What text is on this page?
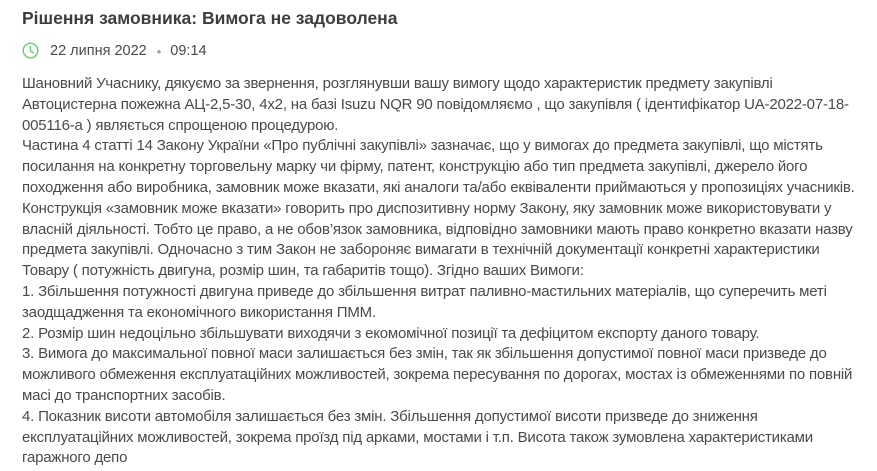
Рішення замовника: Вимога не задоволена
22 липня 2022 • 09:14

Шановний Учаснику, дякуємо за звернення, розглянувши вашу вимогу щодо характеристик предмету закупівлі Автоцистерна пожежна АЦ-2,5-30, 4х2, на базі Isuzu NQR 90 повідомляємо , що закупівля ( ідентифікатор UA-2022-07-18-005116-a ) являється спрощеною процедурою.

Частина 4 статті 14 Закону України «Про публічні закупівлі» зазначає, що у вимогах до предмета закупівлі, що містять посилання на конкретну торговельну марку чи фірму, патент, конструкцію або тип предмета закупівлі, джерело його походження або виробника, замовник може вказати, які аналоги та/або еквіваленти приймаються у пропозиціях учасників. Конструкція «замовник може вказати» говорить про диспозитивну норму Закону, яку замовник може використовувати у власній діяльності. Тобто це право, а не обов’язок замовника, відповідно замовники мають право конкретно вказати назву предмета закупівлі. Одночасно з тим Закон не забороняє вимагати в технічній документації конкретні характеристики Товару ( потужність двигуна, розмір шин, та габаритів тощо). Згідно ваших Вимоги:

1. Збільшення потужності двигуна приведе до збільшення витрат паливно-мастильних матеріалів, що суперечить меті заодщадження та економічного використання ПММ.

2. Розмір шин недоцільно збільшувати виходячи з екомомічної позиції та дефіцитом експорту даного товару.

3. Вимога до максимальної повної маси залишається без змін, так як збільшення допустимої повної маси призведе до можливого обмеження експлуатаційних можливостей, зокрема пересування по дорогах, мостах із обмеженнями по повній масі до транспортних засобів.

4. Показник висоти автомобіля залишається без змін. Збільшення допустимої висоти призведе до зниження експлуатаційних можливостей, зокрема проїзд під арками, мостами і т.п. Висота також зумовлена характеристиками гаражного депо
